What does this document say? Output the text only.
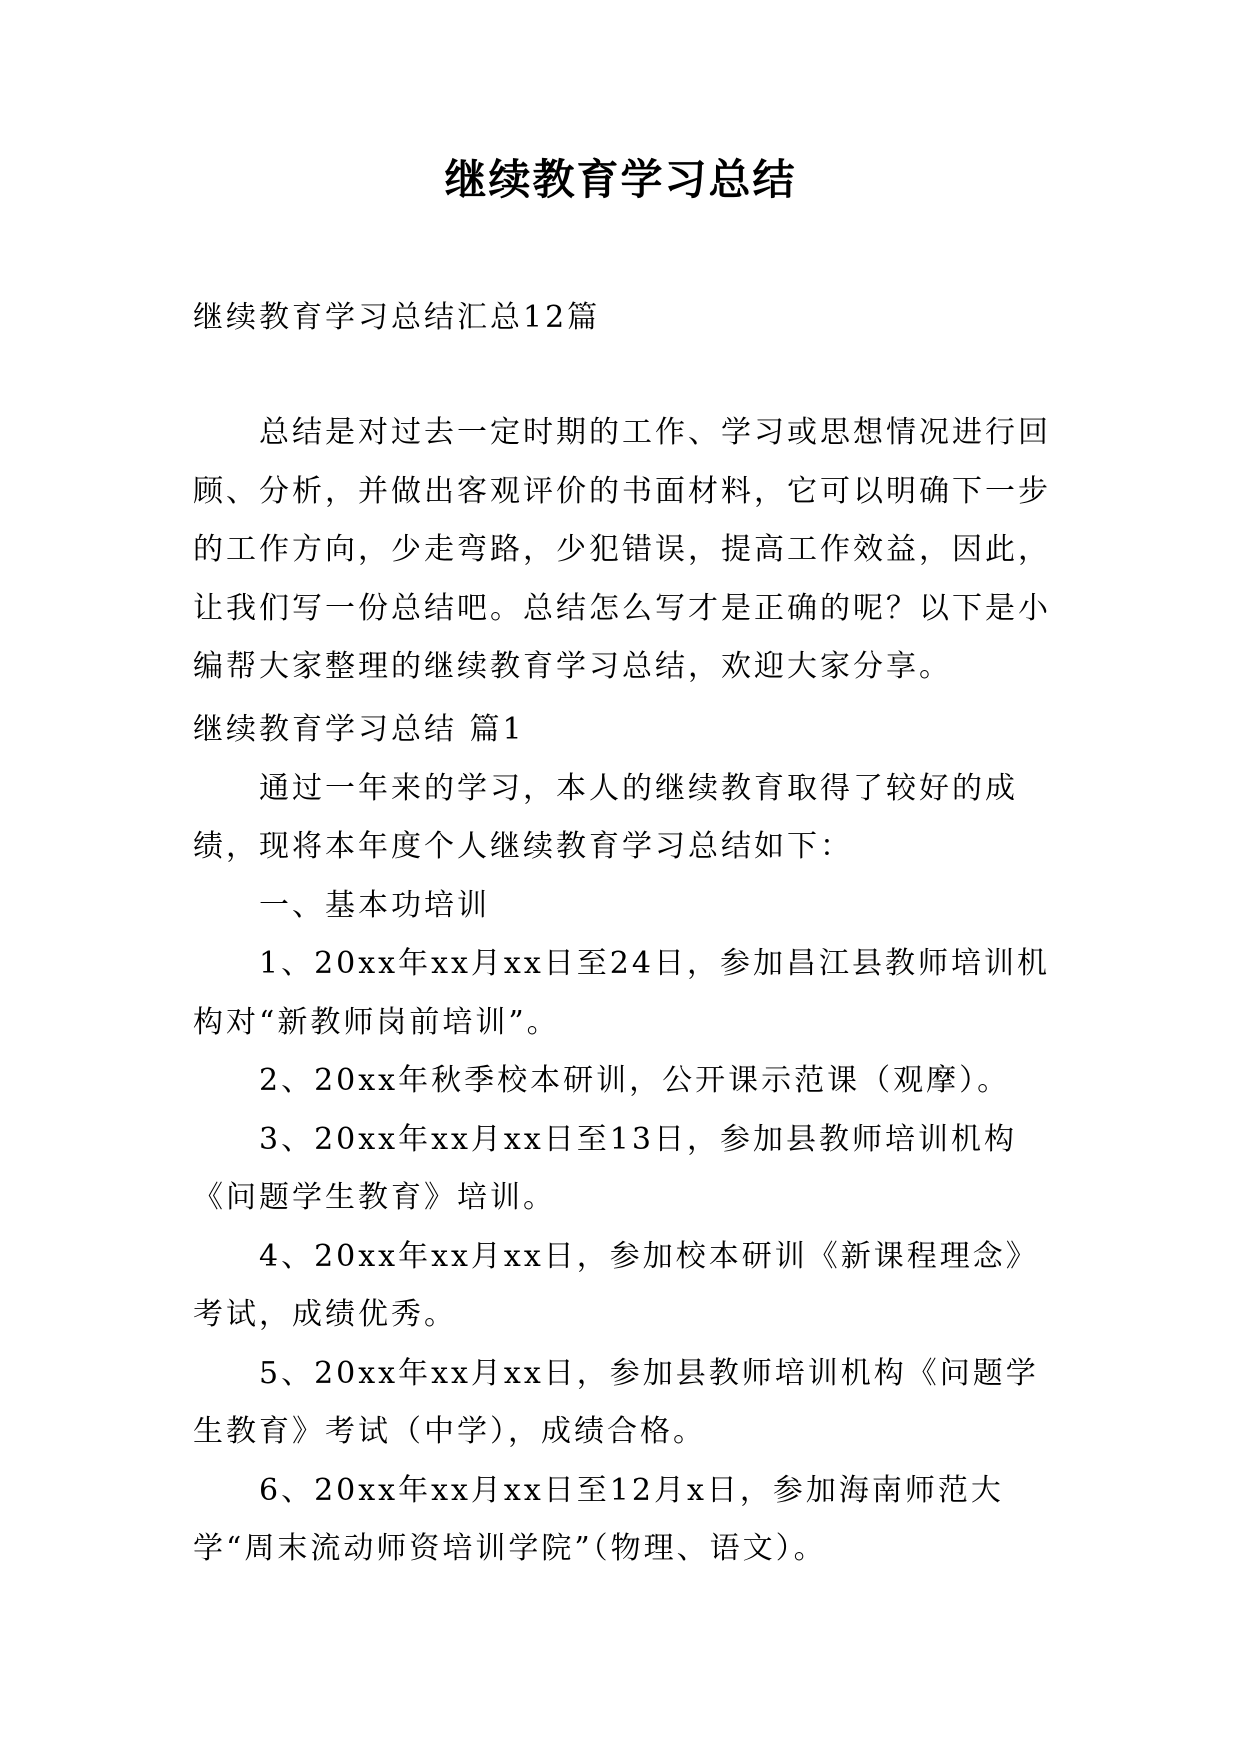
继续教育学习总结
继续教育学习总结汇总12篇

总结是对过去一定时期的工作、学习或思想情况进行回顾、分析，并做出客观评价的书面材料，它可以明确下一步的工作方向，少走弯路，少犯错误，提高工作效益，因此，让我们写一份总结吧。总结怎么写才是正确的呢？以下是小编帮大家整理的继续教育学习总结，欢迎大家分享。

继续教育学习总结 篇1

通过一年来的学习，本人的继续教育取得了较好的成绩，现将本年度个人继续教育学习总结如下：

一、基本功培训

1、20xx年xx月xx日至24日，参加昌江县教师培训机构对“新教师岗前培训”。

2、20xx年秋季校本研训，公开课示范课（观摩）。

3、20xx年xx月xx日至13日，参加县教师培训机构《问题学生教育》培训。

4、20xx年xx月xx日，参加校本研训《新课程理念》考试，成绩优秀。

5、20xx年xx月xx日，参加县教师培训机构《问题学生教育》考试（中学），成绩合格。

6、20xx年xx月xx日至12月x日，参加海南师范大学“周末流动师资培训学院”（物理、语文）。
